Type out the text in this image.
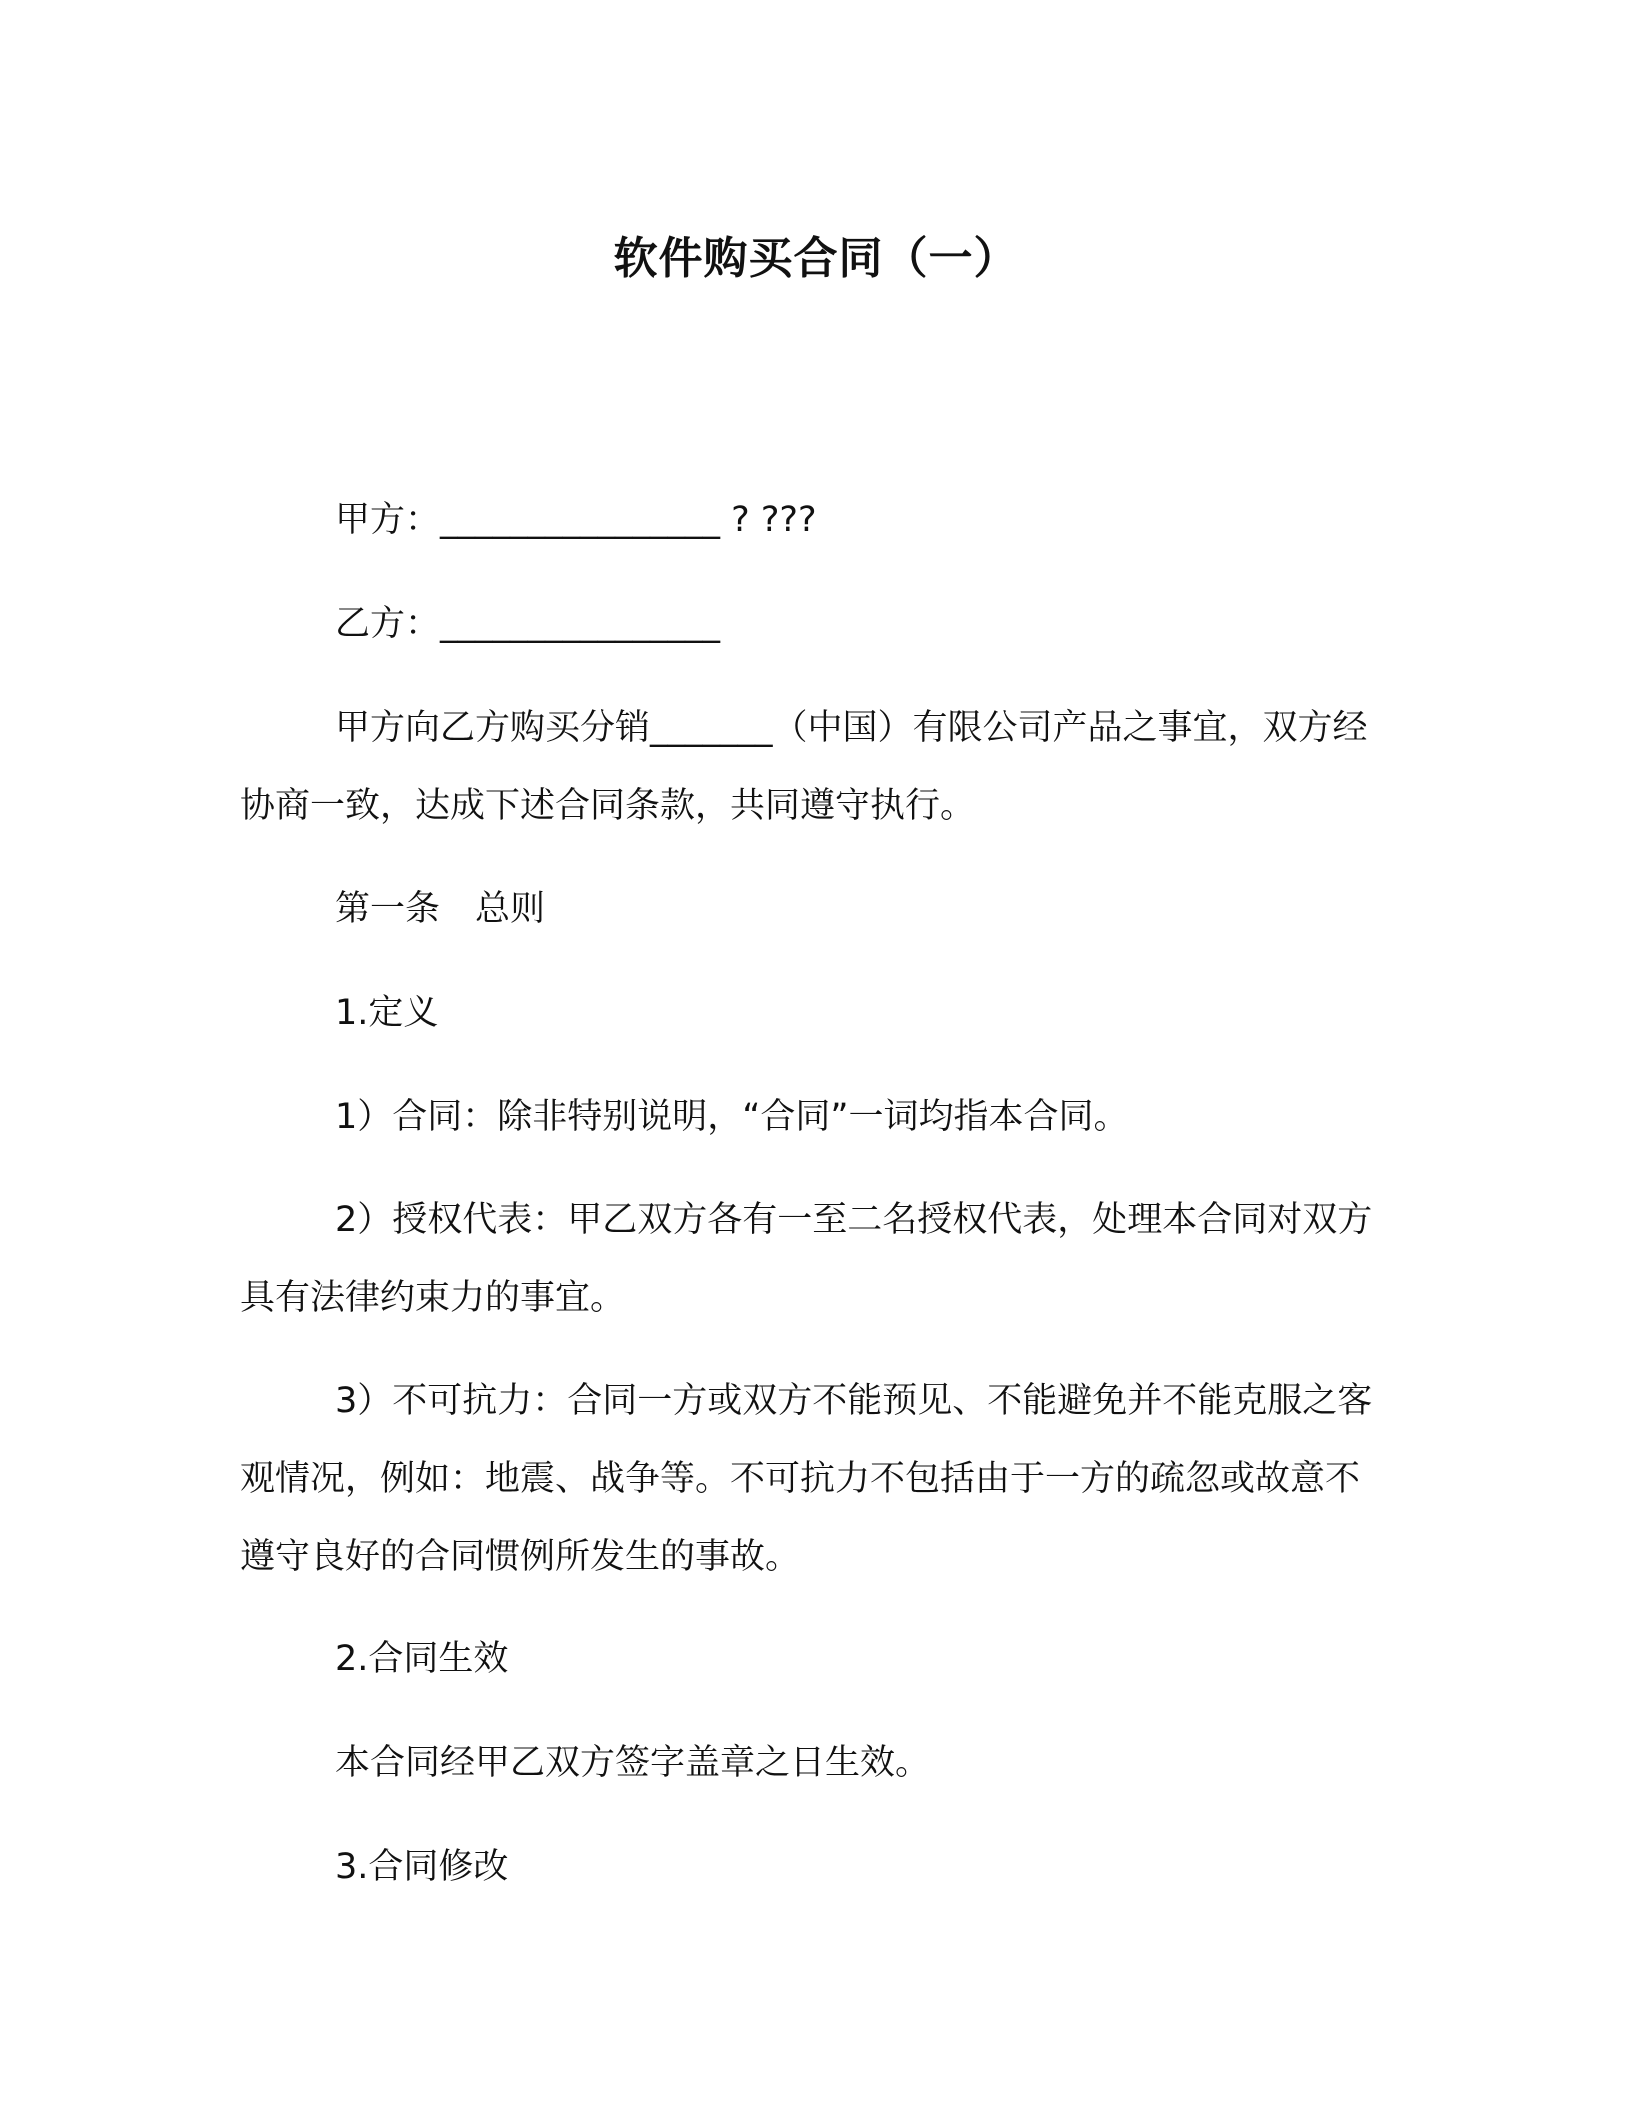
软件购买合同（一）

甲方：________________ ? ???

乙方：________________

甲方向乙方购买分销_______（中国）有限公司产品之事宜，双方经协商一致，达成下述合同条款，共同遵守执行。

第一条　总则

1.定义

1）合同：除非特别说明，“合同”一词均指本合同。

2）授权代表：甲乙双方各有一至二名授权代表，处理本合同对双方具有法律约束力的事宜。

3）不可抗力：合同一方或双方不能预见、不能避免并不能克服之客观情况，例如：地震、战争等。不可抗力不包括由于一方的疏忽或故意不遵守良好的合同惯例所发生的事故。

2.合同生效

本合同经甲乙双方签字盖章之日生效。

3.合同修改
